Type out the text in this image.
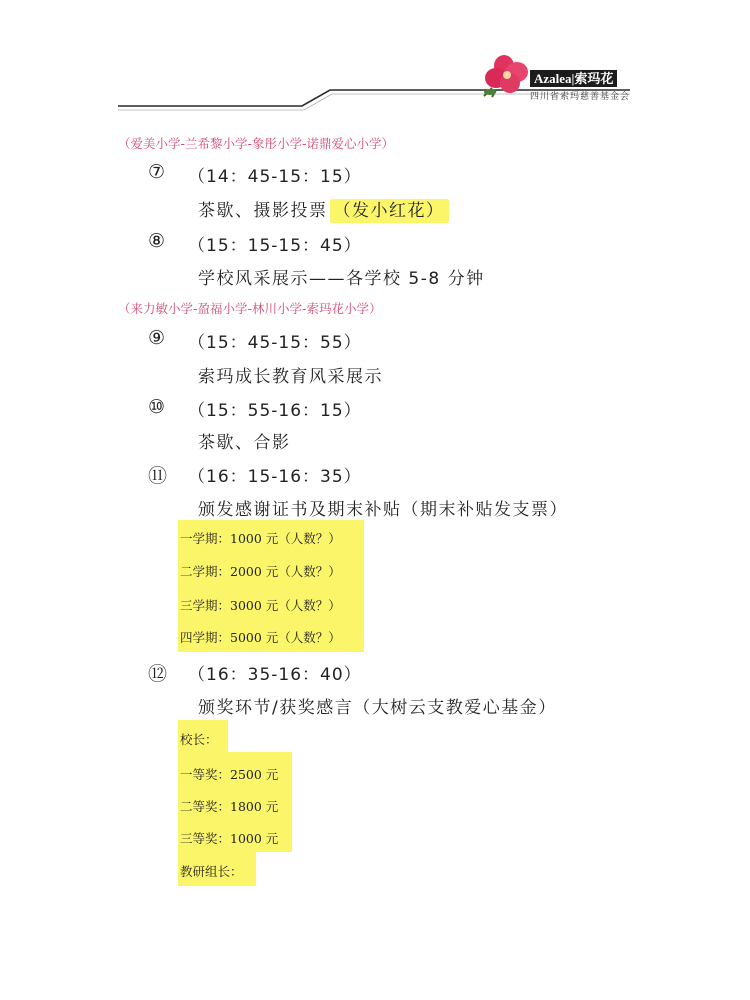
Azalea|索玛花
四川省索玛慈善基金会
（爱美小学-兰希黎小学-象彤小学-诺鼎爱心小学）
⑦ （14：45-15：15）
茶歇、摄影投票 （发小红花）
⑧ （15：15-15：45）
学校风采展示——各学校 5-8 分钟
（来力敏小学-盈福小学-林川小学-索玛花小学）
⑨ （15：45-15：55）
索玛成长教育风采展示
⑩ （15：55-16：15）
茶歇、合影
⑪ （16：15-16：35）
颁发感谢证书及期末补贴（期末补贴发支票）
一学期：1000 元（人数？）
二学期：2000 元（人数？）
三学期：3000 元（人数？）
四学期：5000 元（人数？）
⑫ （16：35-16：40）
颁奖环节/获奖感言（大树云支教爱心基金）
校长：
一等奖：2500 元
二等奖：1800 元
三等奖：1000 元
教研组长：
